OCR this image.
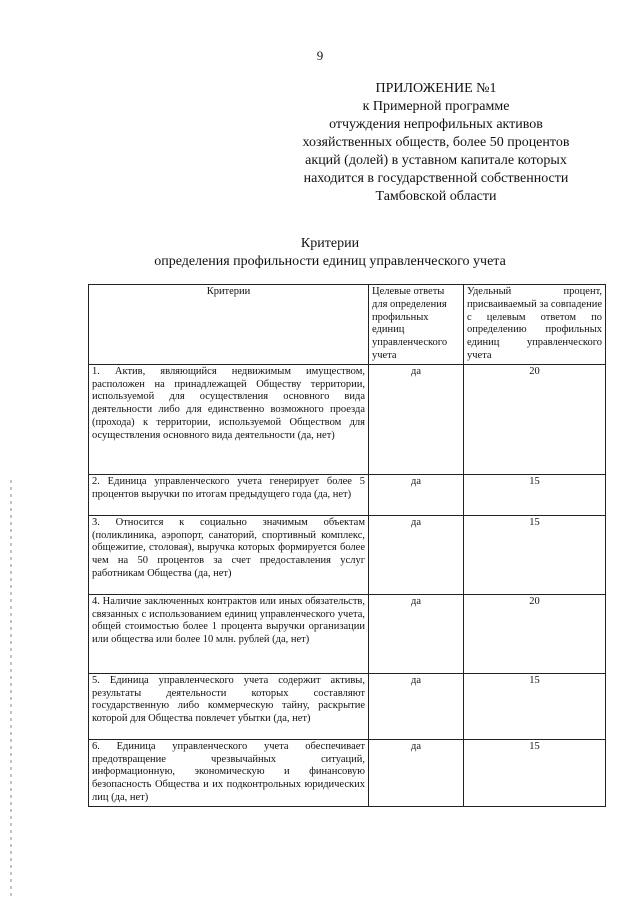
9
ПРИЛОЖЕНИЕ №1
к Примерной программе
отчуждения непрофильных активов
хозяйственных обществ, более 50 процентов
акций (долей) в уставном капитале которых
находится в государственной собственности
Тамбовской области
Критерии
определения профильности единиц управленческого учета
Критерии	Целевые ответы для определения профильных единиц управленческого учета	Удельный процент, присваиваемый за совпадение с целевым ответом по определению профильных единиц управленческого учета
1. Актив, являющийся недвижимым имуществом, расположен на принадлежащей Обществу территории, используемой для осуществления основного вида деятельности либо для единственно возможного проезда (прохода) к территории, используемой Обществом для осуществления основного вида деятельности (да, нет)	да	20
2. Единица управленческого учета генерирует более 5 процентов выручки по итогам предыдущего года (да, нет)	да	15
3. Относится к социально значимым объектам (поликлиника, аэропорт, санаторий, спортивный комплекс, общежитие, столовая), выручка которых формируется более чем на 50 процентов за счет предоставления услуг работникам Общества (да, нет)	да	15
4. Наличие заключенных контрактов или иных обязательств, связанных с использованием единиц управленческого учета, общей стоимостью более 1 процента выручки организации или общества или более 10 млн. рублей (да, нет)	да	20
5. Единица управленческого учета содержит активы, результаты деятельности которых составляют государственную либо коммерческую тайну, раскрытие которой для Общества повлечет убытки (да, нет)	да	15
6. Единица управленческого учета обеспечивает предотвращение чрезвычайных ситуаций, информационную, экономическую и финансовую безопасность Общества и их подконтрольных юридических лиц (да, нет)	да	15
